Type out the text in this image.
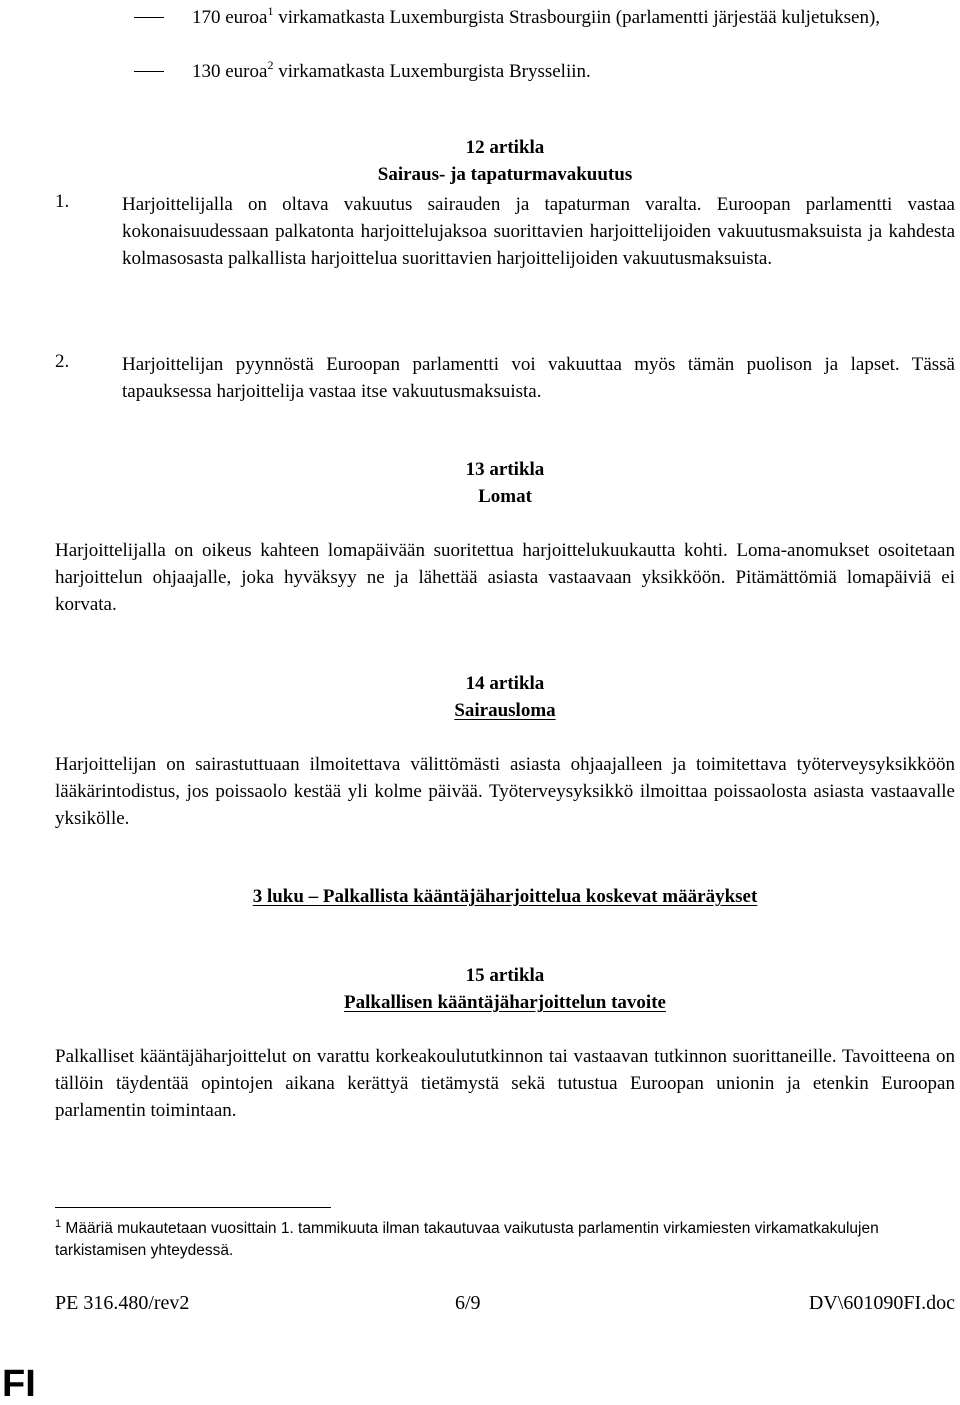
170 euroa$^1$ virkamatkasta Luxemburgista Strasbourgiin (parlamentti järjestää kuljetuksen),
130 euroa$^2$ virkamatkasta Luxemburgista Brysseliin.
12 artikla
Sairaus- ja tapaturmavakuutus
1.	Harjoittelijalla on oltava vakuutus sairauden ja tapaturman varalta. Euroopan parlamentti vastaa kokonaisuudessaan palkatonta harjoittelujaksoa suorittavien harjoittelijoiden vakuutusmaksuista ja kahdesta kolmasosasta palkallista harjoittelua suorittavien harjoittelijoiden vakuutusmaksuista.
2.	Harjoittelijan pyynnöstä Euroopan parlamentti voi vakuuttaa myös tämän puolison ja lapset. Tässä tapauksessa harjoittelija vastaa itse vakuutusmaksuista.
13 artikla
Lomat
Harjoittelijalla on oikeus kahteen lomapäivään suoritettua harjoittelukuukautta kohti. Loma-anomukset osoitetaan harjoittelun ohjaajalle, joka hyväksyy ne ja lähettää asiasta vastaavaan yksikköön. Pitämättömiä lomapäiviä ei korvata.
14 artikla
Sairausloma
Harjoittelijan on sairastuttuaan ilmoitettava välittömästi asiasta ohjaajalleen ja toimitettava työterveysyksikköön lääkärintodistus, jos poissaolo kestää yli kolme päivää. Työterveysyksikkö ilmoittaa poissaolosta asiasta vastaavalle yksikölle.
3 luku – Palkallista kääntäjäharjoittelua koskevat määräykset
15 artikla
Palkallisen kääntäjäharjoittelun tavoite
Palkalliset kääntäjäharjoittelut on varattu korkeakoulututkinnon tai vastaavan tutkinnon suorittaneille. Tavoitteena on tällöin täydentää opintojen aikana kerättyä tietämystä sekä tutustua Euroopan unionin ja etenkin Euroopan parlamentin toimintaan.
$^1$ Määriä mukautetaan vuosittain 1. tammikuuta ilman takautuvaa vaikutusta parlamentin virkamiesten virkamatkakulujen tarkistamisen yhteydessä.
PE 316.480/rev2	6/9	DV\601090FI.doc
FI
